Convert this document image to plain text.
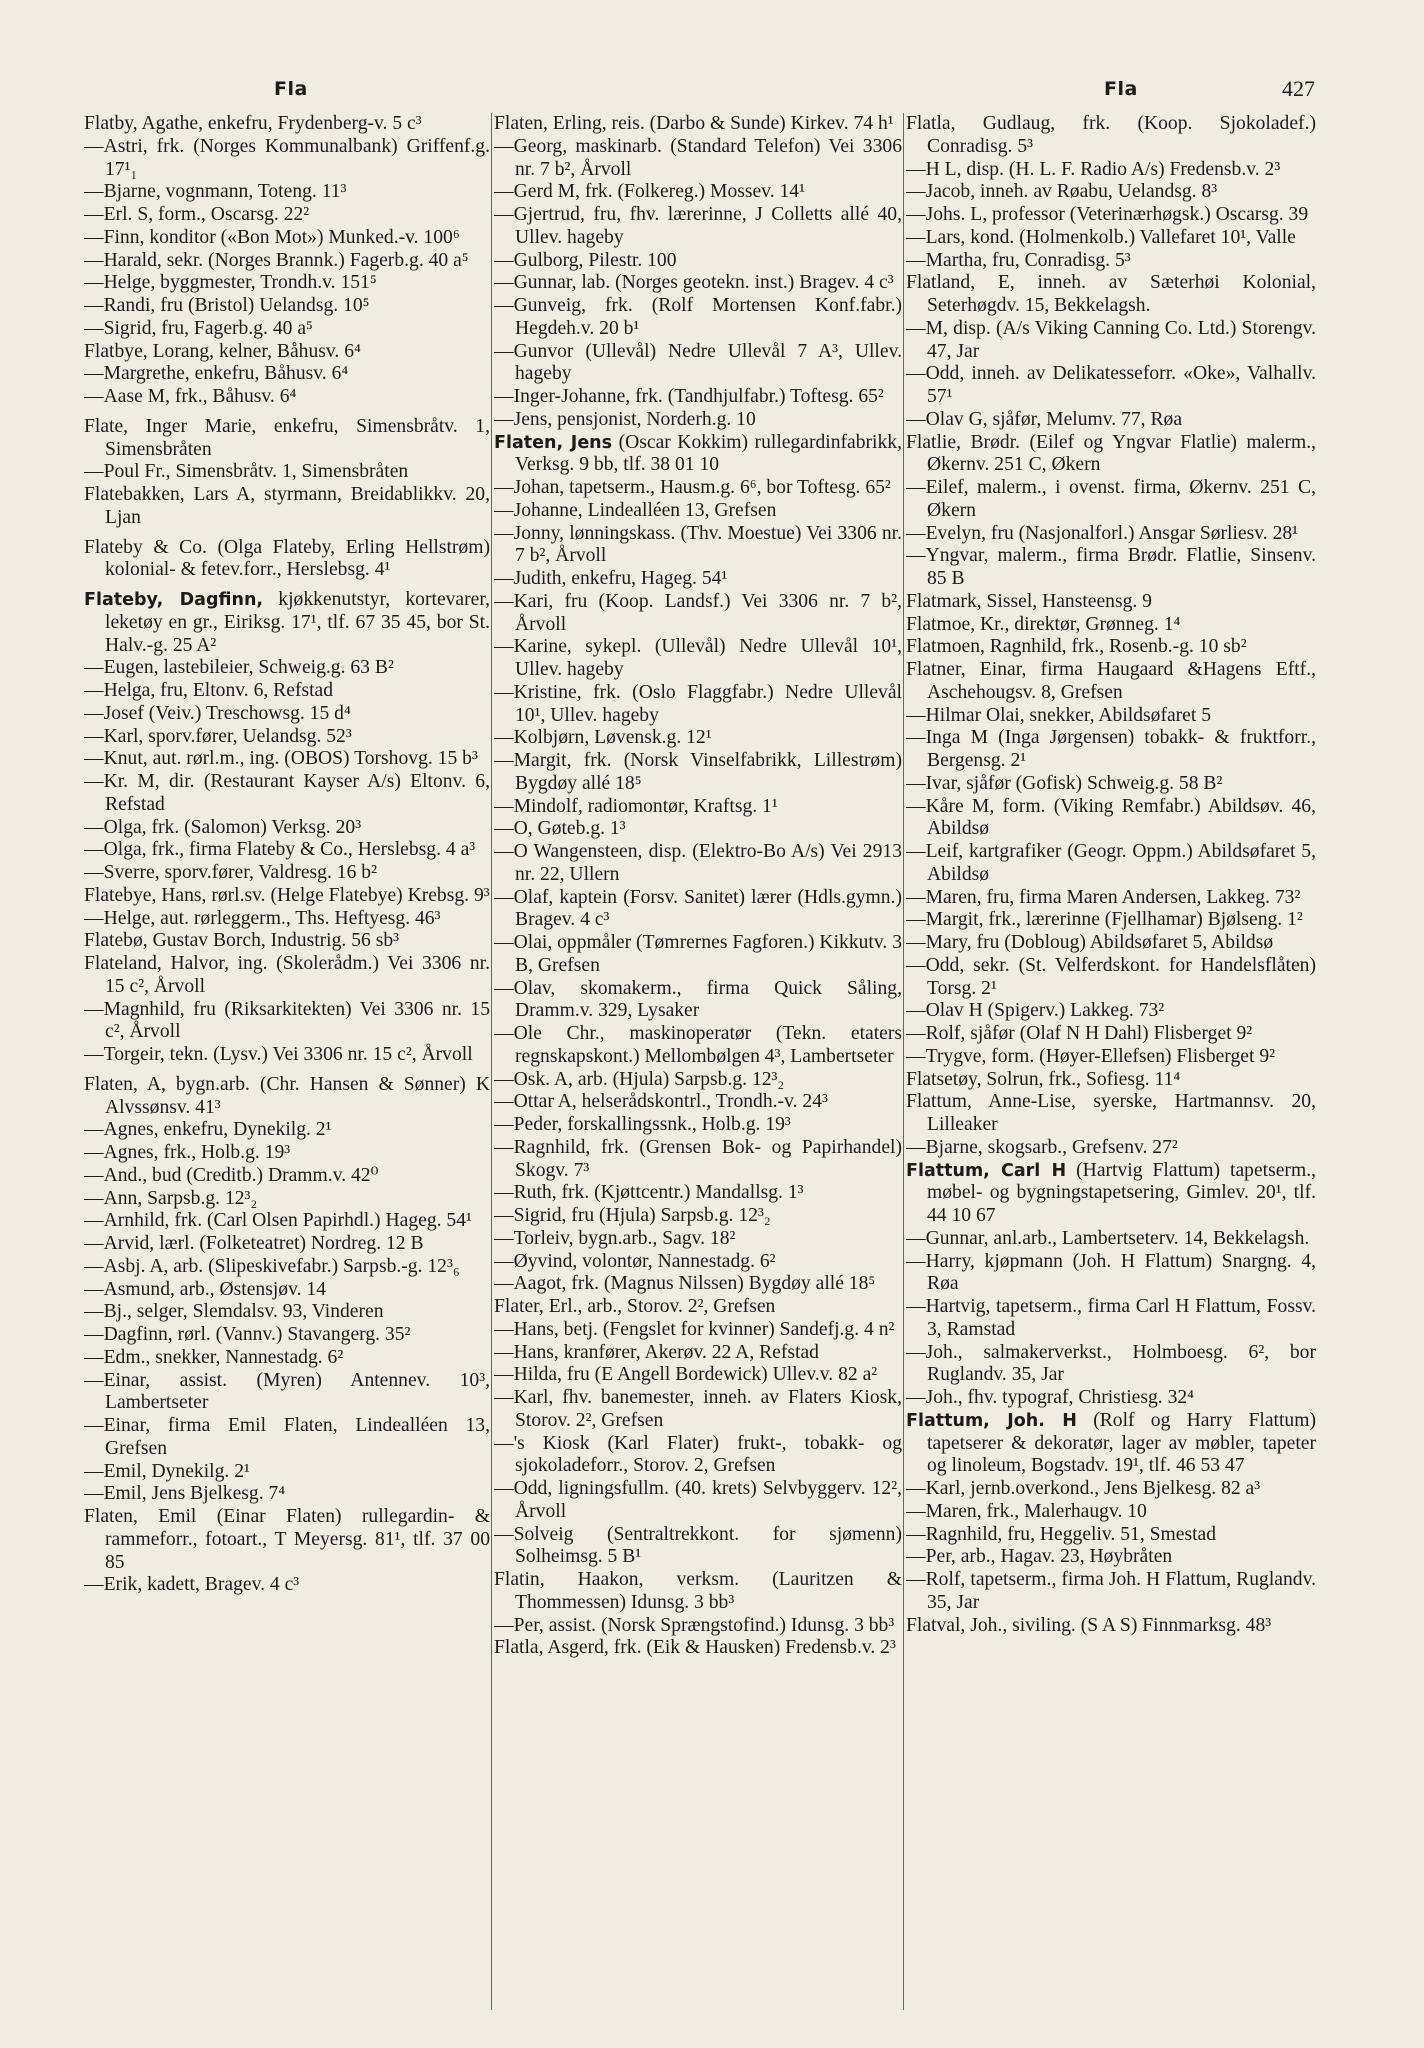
Fla	Fla	427

Flatby, Agathe, enkefru, Frydenberg-v. 5 c³

—Astri, frk. (Norges Kommunalbank) Griffenf.g. 17¹₁

—Bjarne, vognmann, Toteng. 11³

—Erl. S, form., Oscarsg. 22²

—Finn, konditor («Bon Mot») Munked.-v. 100⁶

—Harald, sekr. (Norges Brannk.) Fagerb.g. 40 a⁵

—Helge, byggmester, Trondh.v. 151⁵

—Randi, fru (Bristol) Uelandsg. 10⁵

—Sigrid, fru, Fagerb.g. 40 a⁵

Flatbye, Lorang, kelner, Båhusv. 6⁴

—Margrethe, enkefru, Båhusv. 6⁴

—Aase M, frk., Båhusv. 6⁴

Flate, Inger Marie, enkefru, Simensbråtv. 1, Simensbråten

—Poul Fr., Simensbråtv. 1, Simensbråten

Flatebakken, Lars A, styrmann, Breidablikkv. 20, Ljan

Flateby & Co. (Olga Flateby, Erling Hellstrøm) kolonial- & fetev.forr., Herslebsg. 4¹

Flateby, Dagfinn, kjøkkenutstyr, kortevarer, leketøy en gr., Eiriksg. 17¹, tlf. 67 35 45, bor St. Halv.-g. 25 A²

—Eugen, lastebileier, Schweig.g. 63 B²

—Helga, fru, Eltonv. 6, Refstad

—Josef (Veiv.) Treschowsg. 15 d⁴

—Karl, sporv.fører, Uelandsg. 52³

—Knut, aut. rørl.m., ing. (OBOS) Torshovg. 15 b³

—Kr. M, dir. (Restaurant Kayser A/s) Eltonv. 6, Refstad

—Olga, frk. (Salomon) Verksg. 20³

—Olga, frk., firma Flateby & Co., Herslebsg. 4 a³

—Sverre, sporv.fører, Valdresg. 16 b²

Flatebye, Hans, rørl.sv. (Helge Flatebye) Krebsg. 9³

—Helge, aut. rørleggerm., Ths. Heftyesg. 46³

Flatebø, Gustav Borch, Industrig. 56 sb³

Flateland, Halvor, ing. (Skolerådm.) Vei 3306 nr. 15 c², Årvoll

—Magnhild, fru (Riksarkitekten) Vei 3306 nr. 15 c², Årvoll

—Torgeir, tekn. (Lysv.) Vei 3306 nr. 15 c², Årvoll

Flaten, A, bygn.arb. (Chr. Hansen & Sønner) K Alvssønsv. 41³

—Agnes, enkefru, Dynekilg. 2¹

—Agnes, frk., Holb.g. 19³

—And., bud (Creditb.) Dramm.v. 42⁰

—Ann, Sarpsb.g. 12³₂

—Arnhild, frk. (Carl Olsen Papirhdl.) Hageg. 54¹

—Arvid, lærl. (Folketeatret) Nordreg. 12 B

—Asbj. A, arb. (Slipeskivefabr.) Sarpsb.-g. 12³₆

—Asmund, arb., Østensjøv. 14

—Bj., selger, Slemdalsv. 93, Vinderen

—Dagfinn, rørl. (Vannv.) Stavangerg. 35²

—Edm., snekker, Nannestadg. 6²

—Einar, assist. (Myren) Antennev. 10³, Lambertseter

—Einar, firma Emil Flaten, Lindealléen 13, Grefsen

—Emil, Dynekilg. 2¹

—Emil, Jens Bjelkesg. 7⁴

Flaten, Emil (Einar Flaten) rullegardin- & rammeforr., fotoart., T Meyersg. 81¹, tlf. 37 00 85

—Erik, kadett, Bragev. 4 c³

Flaten, Erling, reis. (Darbo & Sunde) Kirkev. 74 h¹

—Georg, maskinarb. (Standard Telefon) Vei 3306 nr. 7 b², Årvoll

—Gerd M, frk. (Folkereg.) Mossev. 14¹

—Gjertrud, fru, fhv. lærerinne, J Colletts allé 40, Ullev. hageby

—Gulborg, Pilestr. 100

—Gunnar, lab. (Norges geotekn. inst.) Bragev. 4 c³

—Gunveig, frk. (Rolf Mortensen Konf.fabr.) Hegdeh.v. 20 b¹

—Gunvor (Ullevål) Nedre Ullevål 7 A³, Ullev. hageby

—Inger-Johanne, frk. (Tandhjulfabr.) Toftesg. 65²

—Jens, pensjonist, Norderh.g. 10

Flaten, Jens (Oscar Kokkim) rullegardinfabrikk, Verksg. 9 bb, tlf. 38 01 10

—Johan, tapetserm., Hausm.g. 6⁶, bor Toftesg. 65²

—Johanne, Lindealléen 13, Grefsen

—Jonny, lønningskass. (Thv. Moestue) Vei 3306 nr. 7 b², Årvoll

—Judith, enkefru, Hageg. 54¹

—Kari, fru (Koop. Landsf.) Vei 3306 nr. 7 b², Årvoll

—Karine, sykepl. (Ullevål) Nedre Ullevål 10¹, Ullev. hageby

—Kristine, frk. (Oslo Flaggfabr.) Nedre Ullevål 10¹, Ullev. hageby

—Kolbjørn, Løvensk.g. 12¹

—Margit, frk. (Norsk Vinselfabrikk, Lillestrøm) Bygdøy allé 18⁵

—Mindolf, radiomontør, Kraftsg. 1¹

—O, Gøteb.g. 1³

—O Wangensteen, disp. (Elektro-Bo A/s) Vei 2913 nr. 22, Ullern

—Olaf, kaptein (Forsv. Sanitet) lærer (Hdls.gymn.) Bragev. 4 c³

—Olai, oppmåler (Tømrernes Fagforen.) Kikkutv. 3 B, Grefsen

—Olav, skomakerm., firma Quick Såling, Dramm.v. 329, Lysaker

—Ole Chr., maskinoperatør (Tekn. etaters regnskapskont.) Mellombølgen 4³, Lambertseter

—Osk. A, arb. (Hjula) Sarpsb.g. 12³₂

—Ottar A, helserådskontrl., Trondh.-v. 24³

—Peder, forskallingssnk., Holb.g. 19³

—Ragnhild, frk. (Grensen Bok- og Papirhandel) Skogv. 7³

—Ruth, frk. (Kjøttcentr.) Mandallsg. 1³

—Sigrid, fru (Hjula) Sarpsb.g. 12³₂

—Torleiv, bygn.arb., Sagv. 18²

—Øyvind, volontør, Nannestadg. 6²

—Aagot, frk. (Magnus Nilssen) Bygdøy allé 18⁵

Flater, Erl., arb., Storov. 2², Grefsen

—Hans, betj. (Fengslet for kvinner) Sandefj.g. 4 n²

—Hans, kranfører, Akerøv. 22 A, Refstad

—Hilda, fru (E Angell Bordewick) Ullev.v. 82 a²

—Karl, fhv. banemester, inneh. av Flaters Kiosk, Storov. 2², Grefsen

—'s Kiosk (Karl Flater) frukt-, tobakk- og sjokoladeforr., Storov. 2, Grefsen

—Odd, ligningsfullm. (40. krets) Selvbyggerv. 12², Årvoll

—Solveig (Sentraltrekkont. for sjømenn) Solheimsg. 5 B¹

Flatin, Haakon, verksm. (Lauritzen & Thommessen) Idunsg. 3 bb³

—Per, assist. (Norsk Sprængstofind.) Idunsg. 3 bb³

Flatla, Asgerd, frk. (Eik & Hausken) Fredensb.v. 2³

Flatla, Gudlaug, frk. (Koop. Sjokoladef.) Conradisg. 5³

—H L, disp. (H. L. F. Radio A/s) Fredensb.v. 2³

—Jacob, inneh. av Røabu, Uelandsg. 8³

—Johs. L, professor (Veterinærhøgsk.) Oscarsg. 39

—Lars, kond. (Holmenkolb.) Vallefaret 10¹, Valle

—Martha, fru, Conradisg. 5³

Flatland, E, inneh. av Sæterhøi Kolonial, Seterhøgdv. 15, Bekkelagsh.

—M, disp. (A/s Viking Canning Co. Ltd.) Storengv. 47, Jar

—Odd, inneh. av Delikatesseforr. «Oke», Valhallv. 57¹

—Olav G, sjåfør, Melumv. 77, Røa

Flatlie, Brødr. (Eilef og Yngvar Flatlie) malerm., Økernv. 251 C, Økern

—Eilef, malerm., i ovenst. firma, Økernv. 251 C, Økern

—Evelyn, fru (Nasjonalforl.) Ansgar Sørliesv. 28¹

—Yngvar, malerm., firma Brødr. Flatlie, Sinsenv. 85 B

Flatmark, Sissel, Hansteensg. 9

Flatmoe, Kr., direktør, Grønneg. 1⁴

Flatmoen, Ragnhild, frk., Rosenb.-g. 10 sb²

Flatner, Einar, firma Haugaard &Hagens Eftf., Aschehougsv. 8, Grefsen

—Hilmar Olai, snekker, Abildsøfaret 5

—Inga M (Inga Jørgensen) tobakk- & fruktforr., Bergensg. 2¹

—Ivar, sjåfør (Gofisk) Schweig.g. 58 B²

—Kåre M, form. (Viking Remfabr.) Abildsøv. 46, Abildsø

—Leif, kartgrafiker (Geogr. Oppm.) Abildsøfaret 5, Abildsø

—Maren, fru, firma Maren Andersen, Lakkeg. 73²

—Margit, frk., lærerinne (Fjellhamar) Bjølseng. 1²

—Mary, fru (Dobloug) Abildsøfaret 5, Abildsø

—Odd, sekr. (St. Velferdskont. for Handelsflåten) Torsg. 2¹

—Olav H (Spigerv.) Lakkeg. 73²

—Rolf, sjåfør (Olaf N H Dahl) Flisberget 9²

—Trygve, form. (Høyer-Ellefsen) Flisberget 9²

Flatsetøy, Solrun, frk., Sofiesg. 11⁴

Flattum, Anne-Lise, syerske, Hartmannsv. 20, Lilleaker

—Bjarne, skogsarb., Grefsenv. 27²

Flattum, Carl H (Hartvig Flattum) tapetserm., møbel- og bygningstapetsering, Gimlev. 20¹, tlf. 44 10 67

—Gunnar, anl.arb., Lambertseterv. 14, Bekkelagsh.

—Harry, kjøpmann (Joh. H Flattum) Snargng. 4, Røa

—Hartvig, tapetserm., firma Carl H Flattum, Fossv. 3, Ramstad

—Joh., salmakerverkst., Holmboesg. 6², bor Ruglandv. 35, Jar

—Joh., fhv. typograf, Christiesg. 32⁴

Flattum, Joh. H (Rolf og Harry Flattum) tapetserer & dekoratør, lager av møbler, tapeter og linoleum, Bogstadv. 19¹, tlf. 46 53 47

—Karl, jernb.overkond., Jens Bjelkesg. 82 a³

—Maren, frk., Malerhaugv. 10

—Ragnhild, fru, Heggeliv. 51, Smestad

—Per, arb., Hagav. 23, Høybråten

—Rolf, tapetserm., firma Joh. H Flattum, Ruglandv. 35, Jar

Flatval, Joh., siviling. (S A S) Finnmarksg. 48³
